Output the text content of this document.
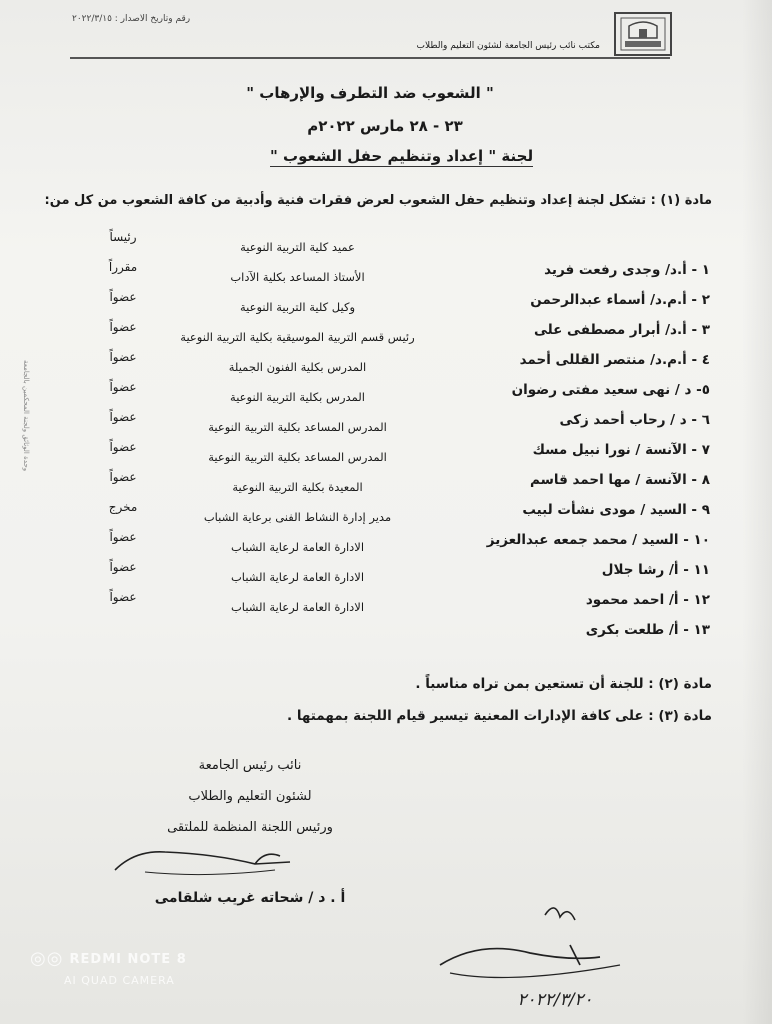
رقم وتاريخ الاصدار : ٢٠٢٢/٣/١٥
مكتب نائب رئيس الجامعة لشئون التعليم والطلاب
" الشعوب ضد التطرف والإرهاب "
٢٣ - ٢٨ مارس ٢٠٢٢م
لجنة " إعداد وتنظيم حفل الشعوب "
مادة (١) : تشكل لجنة إعداد وتنظيم حفل الشعوب لعرض فقرات فنية وأدبية من كافة الشعوب من كل من:
١ - أ.د/ وجدى رفعت فريد
عميد كلية التربية النوعية
رئيساً
٢ - أ.م.د/ أسماء عبدالرحمن
الأستاذ المساعد بكلية الآداب
مقرراً
٣ - أ.د/ أبرار مصطفى على
وكيل كلية التربية النوعية
عضواً
٤ - أ.م.د/ منتصر القللى أحمد
رئيس قسم التربية الموسيقية بكلية التربية النوعية
عضواً
٥- د / نهى سعيد مفتى رضوان
المدرس بكلية الفنون الجميلة
عضواً
٦ - د / رحاب أحمد زكى
المدرس بكلية التربية النوعية
عضواً
٧ - الآنسة / نورا نبيل مسك
المدرس المساعد بكلية التربية النوعية
عضواً
٨ - الآنسة / مها احمد قاسم
المدرس المساعد بكلية التربية النوعية
عضواً
٩ - السيد / مودى نشأت لبيب
المعيدة بكلية التربية النوعية
عضواً
١٠ - السيد / محمد جمعه عبدالعزيز
مدير إدارة النشاط الفنى برعاية الشباب
مخرج
١١ - أ/ رشا جلال
الادارة العامة لرعاية الشباب
عضواً
١٢ - أ/ احمد محمود
الادارة العامة لرعاية الشباب
عضواً
١٣ - أ/ طلعت بكرى
الادارة العامة لرعاية الشباب
عضواً
مادة (٢) : للجنة أن تستعين بمن تراه مناسباً .
مادة (٣) : على كافة الإدارات المعنية تيسير قيام اللجنة بمهمتها .
نائب رئيس الجامعة
لشئون التعليم والطلاب
ورئيس اللجنة المنظمة للملتقى
أ . د / شحاته غريب شلقامى
٢٠٢٢/٣/٢٠
وحدة الوثائق ولجنة المحكمين بالجامعة
◎◎ REDMI NOTE 8
AI QUAD CAMERA
